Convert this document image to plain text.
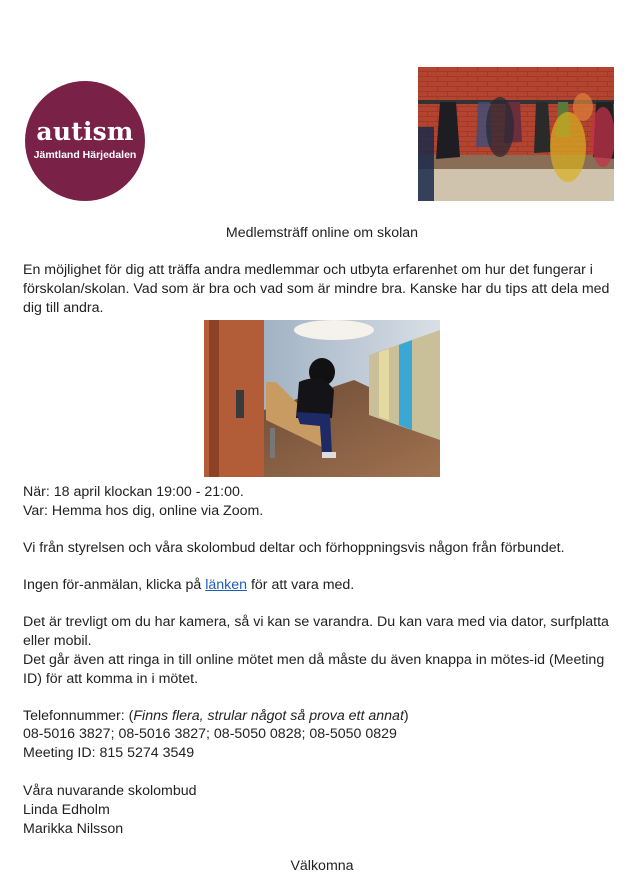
autism
Jämtland Härjedalen
Medlemsträff online om skolan

En möjlighet för dig att träffa andra medlemmar och utbyta erfarenhet om hur det fungerar i förskolan/skolan. Vad som är bra och vad som är mindre bra. Kanske har du tips att dela med dig till andra.

När: 18 april klockan 19:00 - 21:00.
Var: Hemma hos dig, online via Zoom.
Vi från styrelsen och våra skolombud deltar och förhoppningsvis någon från förbundet.
Ingen för-anmälan, klicka på länken för att vara med.

Det är trevligt om du har kamera, så vi kan se varandra. Du kan vara med via dator, surfplatta eller mobil.

Det går även att ringa in till online mötet men då måste du även knappa in mötes-id (Meeting ID) för att komma in i mötet.

Telefonnummer: (Finns flera, strular något så prova ett annat)
08-5016 3827; 08-5016 3827; 08-5050 0828; 08-5050 0829
Meeting ID: 815 5274 3549
Våra nuvarande skolombud
Linda Edholm
Marikka Nilsson
Välkomna
